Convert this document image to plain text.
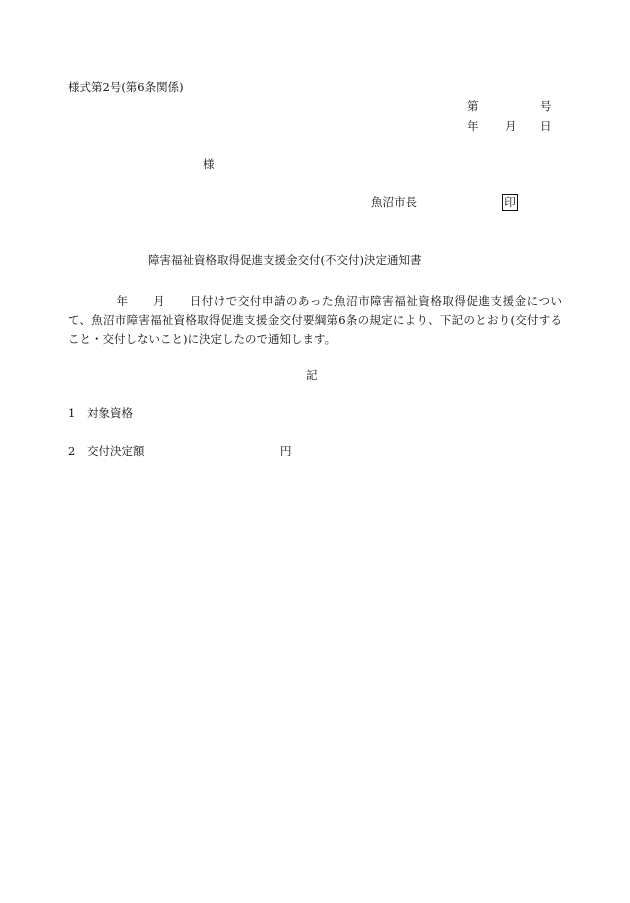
様式第2号(第6条関係)
第	号
年 月 日
様
魚沼市長	印
障害福祉資格取得促進支援金交付(不交付)決定通知書
年 月 日付けで交付申請のあった魚沼市障害福祉資格取得促進支援金について、魚沼市障害福祉資格取得促進支援金交付要綱第6条の規定により、下記のとおり(交付すること・交付しないこと)に決定したので通知します。
記
1 対象資格
2 交付決定額	円
